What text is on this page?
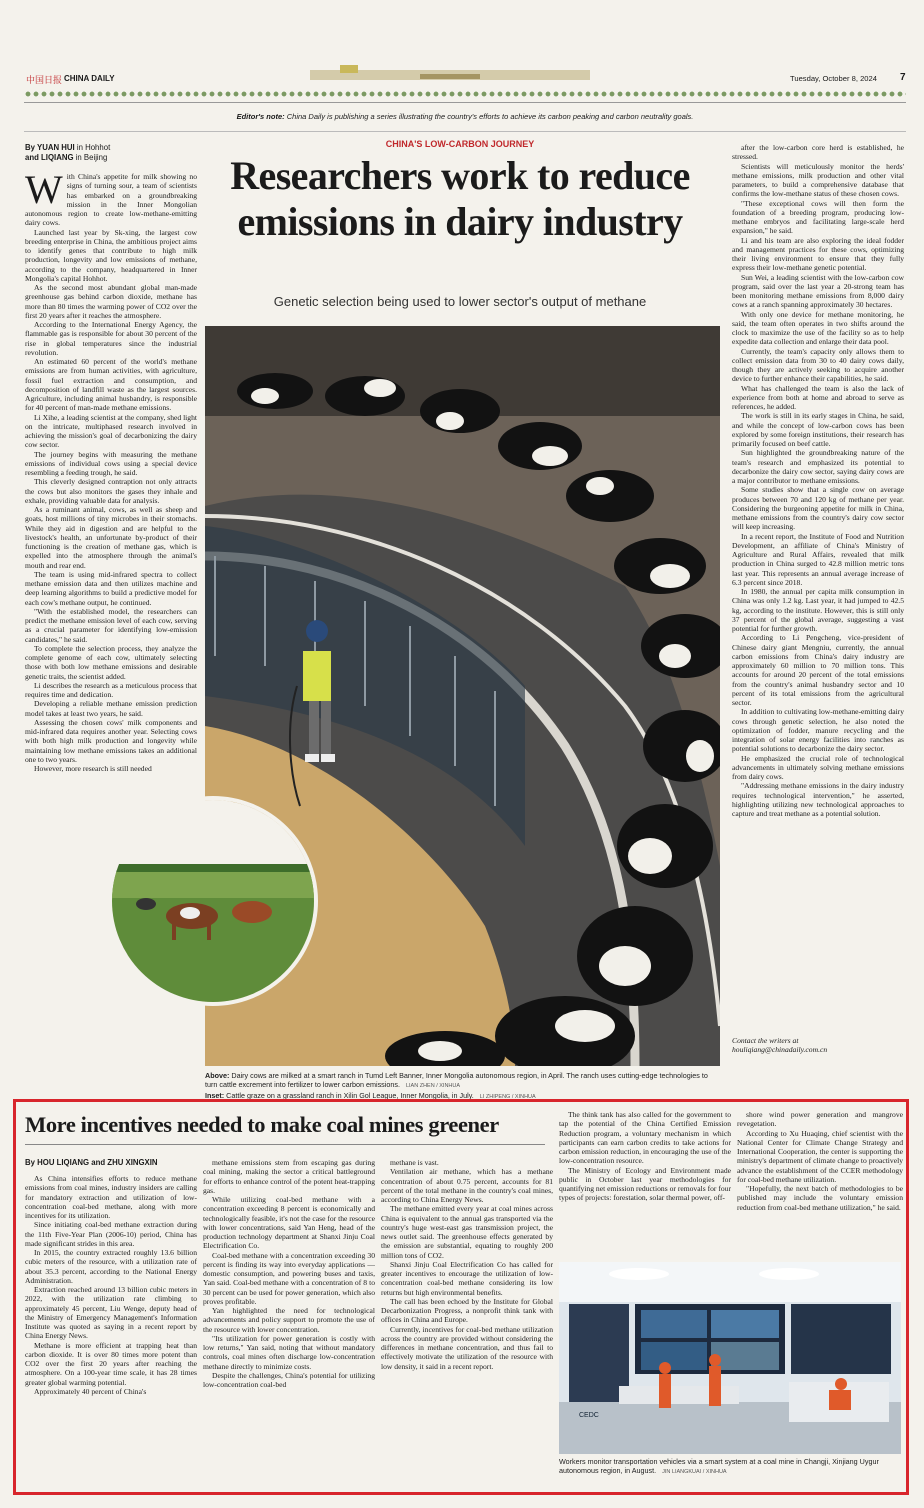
中国日报 CHINA DAILY	Tuesday, October 8, 2024 7
Editor's note: China Daily is publishing a series illustrating the country's efforts to achieve its carbon peaking and carbon neutrality goals.
CHINA'S LOW-CARBON JOURNEY
Researchers work to reduce
emissions in dairy industry
Genetic selection being used to lower sector's output of methane
By YUAN HUI in Hohhot
and LIQIANG in Beijing

With China's appetite for milk showing no signs of turning sour, a team of scientists has embarked on a groundbreaking mission in the Inner Mongolian autonomous region to create low-methane-emitting dairy cows.

Launched last year by Sk-xing, the largest cow breeding enterprise in China, the ambitious project aims to identify genes that contribute to high milk production, longevity and low emissions of methane, according to the company, headquartered in Inner Mongolia's capital Hohhot.

As the second most abundant global man-made greenhouse gas behind carbon dioxide, methane has more than 80 times the warming power of CO2 over the first 20 years after it reaches the atmosphere.

According to the International Energy Agency, the flammable gas is responsible for about 30 percent of the rise in global temperatures since the industrial revolution.

An estimated 60 percent of the world's methane emissions are from human activities, with agriculture, fossil fuel extraction and consumption, and decomposition of landfill waste as the largest sources. Agriculture, including animal husbandry, is responsible for 40 percent of man-made methane emissions.

Li Xihe, a leading scientist at the company, shed light on the intricate, multiphased research involved in achieving the mission's goal of decarbonizing the dairy cow sector.

The journey begins with measuring the methane emissions of individual cows using a special device resembling a feeding trough, he said.

This cleverly designed contraption not only attracts the cows but also monitors the gases they inhale and exhale, providing valuable data for analysis.

As a ruminant animal, cows, as well as sheep and goats, host millions of tiny microbes in their stomachs. While they aid in digestion and are helpful to the livestock's health, an unfortunate by-product of their functioning is the creation of methane gas, which is expelled into the atmosphere through the animal's mouth and rear end.

The team is using mid-infrared spectra to collect methane emission data and then utilizes machine and deep learning algorithms to build a predictive model for each cow's methane output, he continued.

"With the established model, the researchers can predict the methane emission level of each cow, serving as a crucial parameter for identifying low-emission candidates," he said.

To complete the selection process, they analyze the complete genome of each cow, ultimately selecting those with both low methane emissions and desirable genetic traits, the scientist added.

Li describes the research as a meticulous process that requires time and dedication.

Developing a reliable methane emission prediction model takes at least two years, he said.

Assessing the chosen cows' milk components and mid-infrared data requires another year. Selecting cows with both high milk production and longevity while maintaining low methane emissions takes an additional one to two years.

However, more research is still needed

after the low-carbon core herd is established, he stressed.

Scientists will meticulously monitor the herds' methane emissions, milk production and other vital parameters, to build a comprehensive database that confirms the low-methane status of these chosen cows.

"These exceptional cows will then form the foundation of a breeding program, producing low-methane embryos and facilitating large-scale herd expansion," he said.

Li and his team are also exploring the ideal fodder and management practices for these cows, optimizing their living environment to ensure that they fully express their low-methane genetic potential.

Sun Wei, a leading scientist with the low-carbon cow program, said over the last year a 20-strong team has been monitoring methane emissions from 8,000 dairy cows at a ranch spanning approximately 30 hectares.

With only one device for methane monitoring, he said, the team often operates in two shifts around the clock to maximize the use of the facility so as to help expedite data collection and enlarge their data pool.

Currently, the team's capacity only allows them to collect emission data from 30 to 40 dairy cows daily, though they are actively seeking to acquire another device to further enhance their capabilities, he said.

What has challenged the team is also the lack of experience from both at home and abroad to serve as references, he added.

The work is still in its early stages in China, he said, and while the concept of low-carbon cows has been explored by some foreign institutions, their research has primarily focused on beef cattle.

Sun highlighted the groundbreaking nature of the team's research and emphasized its potential to decarbonize the dairy cow sector, saying dairy cows are a major contributor to methane emissions.

Some studies show that a single cow on average produces between 70 and 120 kg of methane per year. Considering the burgeoning appetite for milk in China, methane emissions from the country's dairy cow sector will keep increasing.

In a recent report, the Institute of Food and Nutrition Development, an affiliate of China's Ministry of Agriculture and Rural Affairs, revealed that milk production in China surged to 42.8 million metric tons last year. This represents an annual average increase of 6.3 percent since 2018.

In 1980, the annual per capita milk consumption in China was only 1.2 kg. Last year, it had jumped to 42.5 kg, according to the institute. However, this is still only 37 percent of the global average, suggesting a vast potential for further growth.

According to Li Pengcheng, vice-president of Chinese dairy giant Mengniu, currently, the annual carbon emissions from China's dairy industry are approximately 60 million to 70 million tons. This accounts for around 20 percent of the total emissions from the country's animal husbandry sector and 10 percent of its total emissions from the agricultural sector.

In addition to cultivating low-methane-emitting dairy cows through genetic selection, he also noted the optimization of fodder, manure recycling and the integration of solar energy facilities into ranches as potential solutions to decarbonize the dairy sector.

He emphasized the crucial role of technological advancements in ultimately solving methane emissions from dairy cows.

"Addressing methane emissions in the dairy industry requires technological intervention," he asserted, highlighting utilizing new technological approaches to capture and treat methane as a potential solution.

Contact the writers at
houliqiang@chinadaily.com.cn
Above: Dairy cows are milked at a smart ranch in Tumd Left Banner, Inner Mongolia autonomous region, in April. The ranch uses cutting-edge technologies to turn cattle excrement into fertilizer to lower carbon emissions. LIAN ZHEN / XINHUA
Inset: Cattle graze on a grassland ranch in Xilin Gol League, Inner Mongolia, in July. LI ZHIPENG / XINHUA
More incentives needed to make coal mines greener
By HOU LIQIANG and ZHU XINGXIN

As China intensifies efforts to reduce methane emissions from coal mines, industry insiders are calling for mandatory extraction and utilization of low-concentration coal-bed methane, along with more incentives for its utilization.

Since initiating coal-bed methane extraction during the 11th Five-Year Plan (2006-10) period, China has made significant strides in this area.

In 2015, the country extracted roughly 13.6 billion cubic meters of the resource, with a utilization rate of about 35.3 percent, according to the National Energy Administration.

Extraction reached around 13 billion cubic meters in 2022, with the utilization rate climbing to approximately 45 percent, Liu Wenge, deputy head of the Ministry of Emergency Management's Information Institute was quoted as saying in a recent report by China Energy News.

Methane is more efficient at trapping heat than carbon dioxide. It is over 80 times more potent than CO2 over the first 20 years after reaching the atmosphere. On a 100-year time scale, it has 28 times greater global warming potential.

Approximately 40 percent of China's

methane emissions stem from escaping gas during coal mining, making the sector a critical battleground for efforts to enhance control of the potent heat-trapping gas.

While utilizing coal-bed methane with a concentration exceeding 8 percent is economically and technologically feasible, it's not the case for the resource with lower concentrations, said Yan Heng, head of the production technology department at Shanxi Jinju Coal Electrification Co.

Coal-bed methane with a concentration exceeding 30 percent is finding its way into everyday applications — domestic consumption, and powering buses and taxis, Yan said. Coal-bed methane with a concentration of 8 to 30 percent can be used for power generation, which also proves profitable.

Yan highlighted the need for technological advancements and policy support to promote the use of the resource with lower concentration.

"Its utilization for power generation is costly with low returns," Yan said, noting that without mandatory controls, coal mines often discharge low-concentration methane directly to minimize costs.

Despite the challenges, China's potential for utilizing low-concentration coal-bed

methane is vast.

Ventilation air methane, which has a methane concentration of about 0.75 percent, accounts for 81 percent of the total methane in the country's coal mines, according to China Energy News.

The methane emitted every year at coal mines across China is equivalent to the annual gas transported via the country's huge west-east gas transmission project, the news outlet said. The greenhouse effects generated by the emission are substantial, equating to roughly 200 million tons of CO2.

Shanxi Jinju Coal Electrification Co has called for greater incentives to encourage the utilization of low-concentration coal-bed methane considering its low returns but high environmental benefits.

The call has been echoed by the Institute for Global Decarbonization Progress, a nonprofit think tank with offices in China and Europe.

Currently, incentives for coal-bed methane utilization across the country are provided without considering the differences in methane concentration, and thus fail to effectively motivate the utilization of the resource with low density, it said in a recent report.

The think tank has also called for the government to tap the potential of the China Certified Emission Reduction program, a voluntary mechanism in which participants can earn carbon credits to take actions for carbon emission reduction, in encouraging the use of the low-concentration resource.

The Ministry of Ecology and Environment made public in October last year methodologies for quantifying net emission reductions or removals for four types of projects: forestation, solar thermal power, off-

shore wind power generation and mangrove revegetation.

According to Xu Huaqing, chief scientist with the National Center for Climate Change Strategy and International Cooperation, the center is supporting the ministry's department of climate change to proactively advance the establishment of the CCER methodology for coal-bed methane utilization.

"Hopefully, the next batch of methodologies to be published may include the voluntary emission reduction from coal-bed methane utilization," he said.

CEDC
Workers monitor transportation vehicles via a smart system at a coal mine in Changji, Xinjiang Uygur autonomous region, in August. JIN LIANGKUAI / XINHUA
